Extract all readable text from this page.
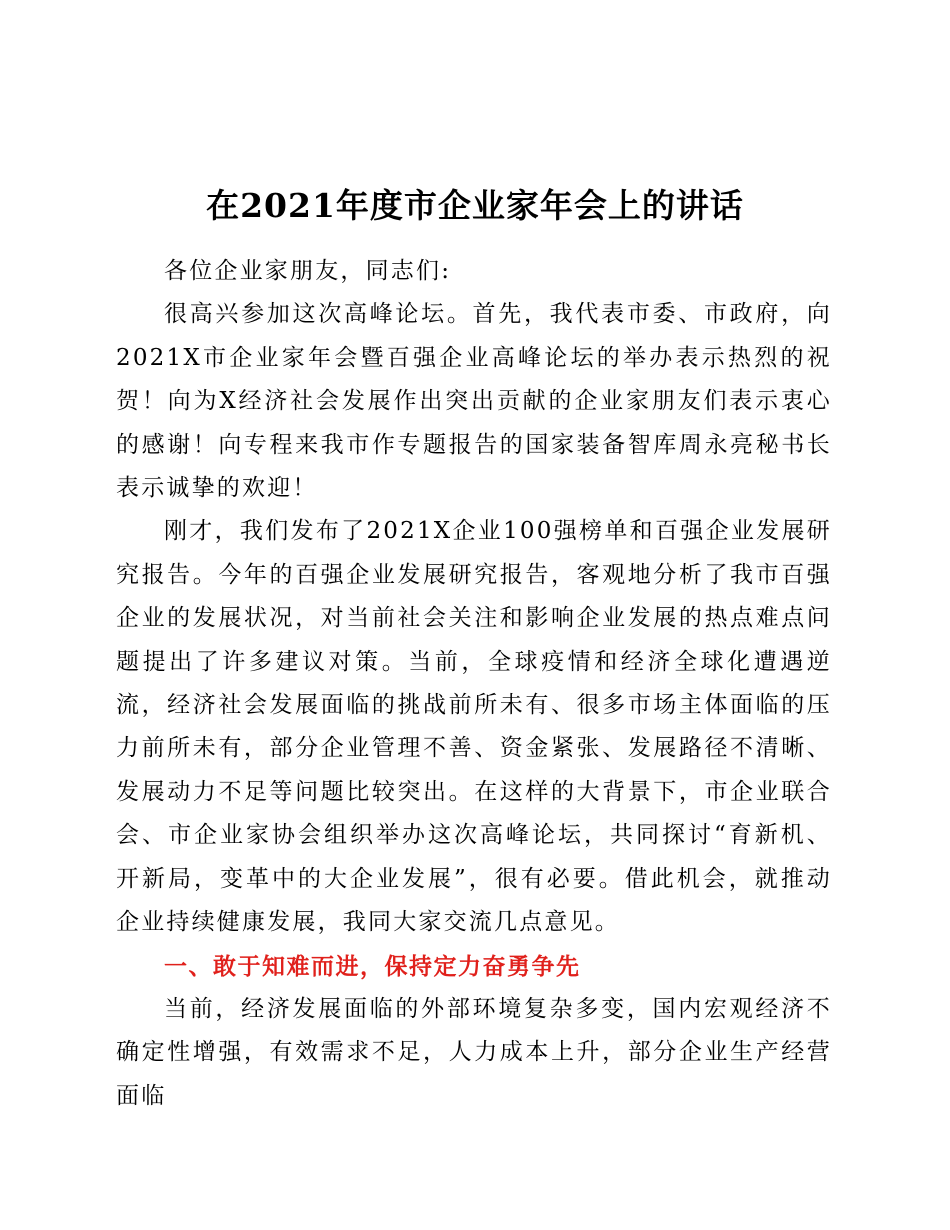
在2021年度市企业家年会上的讲话

各位企业家朋友，同志们:

很高兴参加这次高峰论坛。首先，我代表市委、市政府，向2021X市企业家年会暨百强企业高峰论坛的举办表示热烈的祝贺！向为X经济社会发展作出突出贡献的企业家朋友们表示衷心的感谢！向专程来我市作专题报告的国家装备智库周永亮秘书长表示诚挚的欢迎！

刚才，我们发布了2021X企业100强榜单和百强企业发展研究报告。今年的百强企业发展研究报告，客观地分析了我市百强企业的发展状况，对当前社会关注和影响企业发展的热点难点问题提出了许多建议对策。当前，全球疫情和经济全球化遭遇逆流，经济社会发展面临的挑战前所未有、很多市场主体面临的压力前所未有，部分企业管理不善、资金紧张、发展路径不清晰、发展动力不足等问题比较突出。在这样的大背景下，市企业联合会、市企业家协会组织举办这次高峰论坛，共同探讨“育新机、开新局，变革中的大企业发展”，很有必要。借此机会，就推动企业持续健康发展，我同大家交流几点意见。

一、敢于知难而进，保持定力奋勇争先

当前，经济发展面临的外部环境复杂多变，国内宏观经济不确定性增强，有效需求不足，人力成本上升，部分企业生产经营面临
